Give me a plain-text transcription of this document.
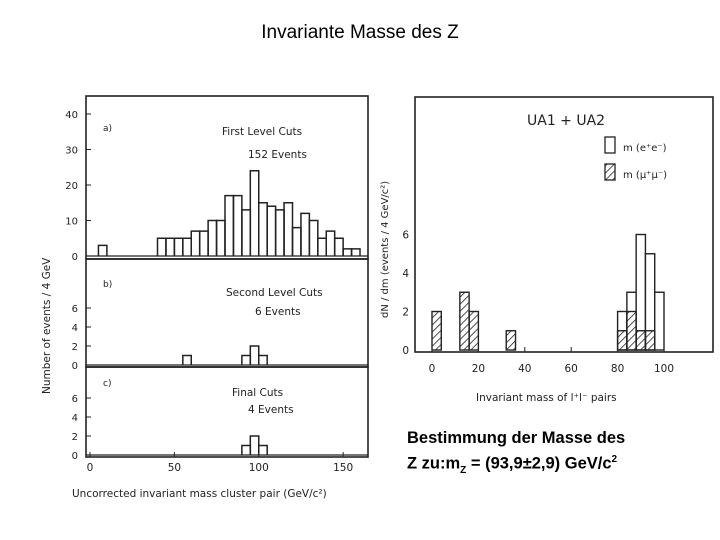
Invariante Masse des Z
a)	First Level Cuts
152 Events
b)
Second Level Cuts
6 Events
c)
Final Cuts
4 Events
0
10
20
30
40
0
2
4
6
0
2
4
6
0	50	100	150
Number of events / 4 GeV
Uncorrected invariant mass cluster pair (GeV/c²)
UA1 + UA2
m (e⁺e⁻)
m (μ⁺μ⁻)
0
2
4
6
0	20	40	60	80	100
dN / dm (events / 4 GeV/c²)
Invariant mass of l⁺l⁻ pairs
Bestimmung der Masse des
Z $zu:m_Z = (93,9\pm 2,9)$ GeV/$c^2$
